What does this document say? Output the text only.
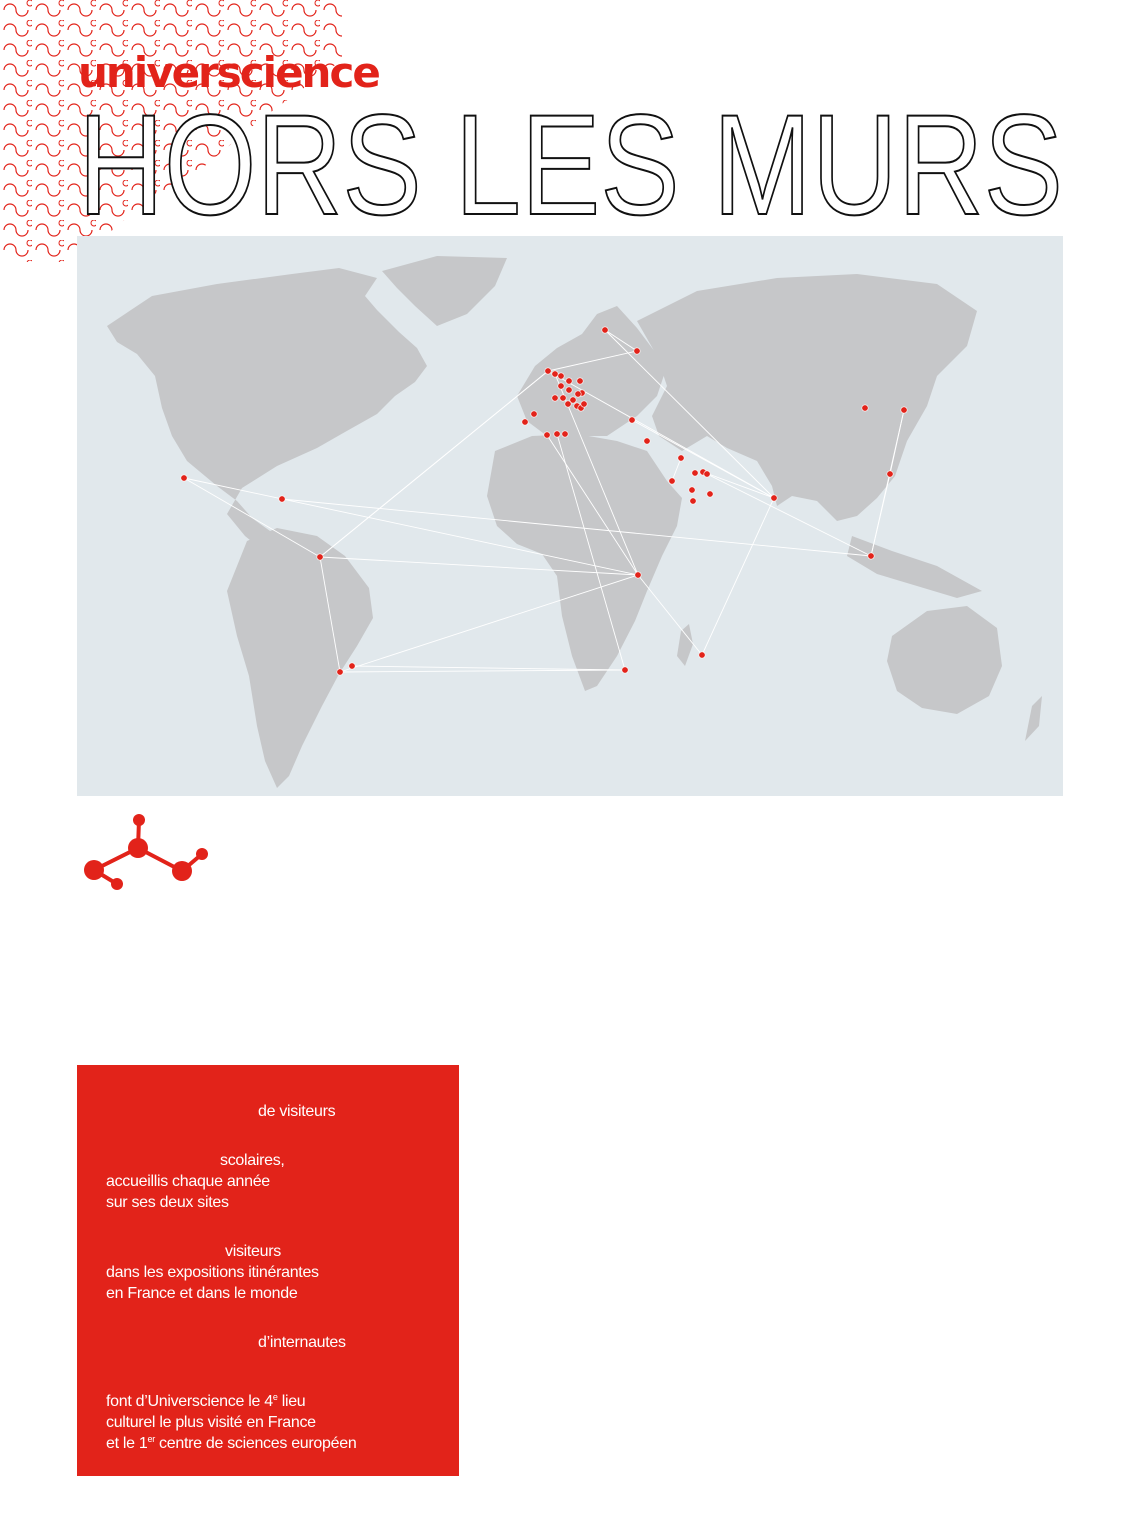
universcience
HORS LES MURS

de visiteurs

scolaires,

accueillis chaque année

sur ses deux sites

visiteurs

dans les expositions itinérantes

en France et dans le monde

d’internautes

font d’Universcience le 4e lieu

culturel le plus visité en France

et le 1er centre de sciences européen
